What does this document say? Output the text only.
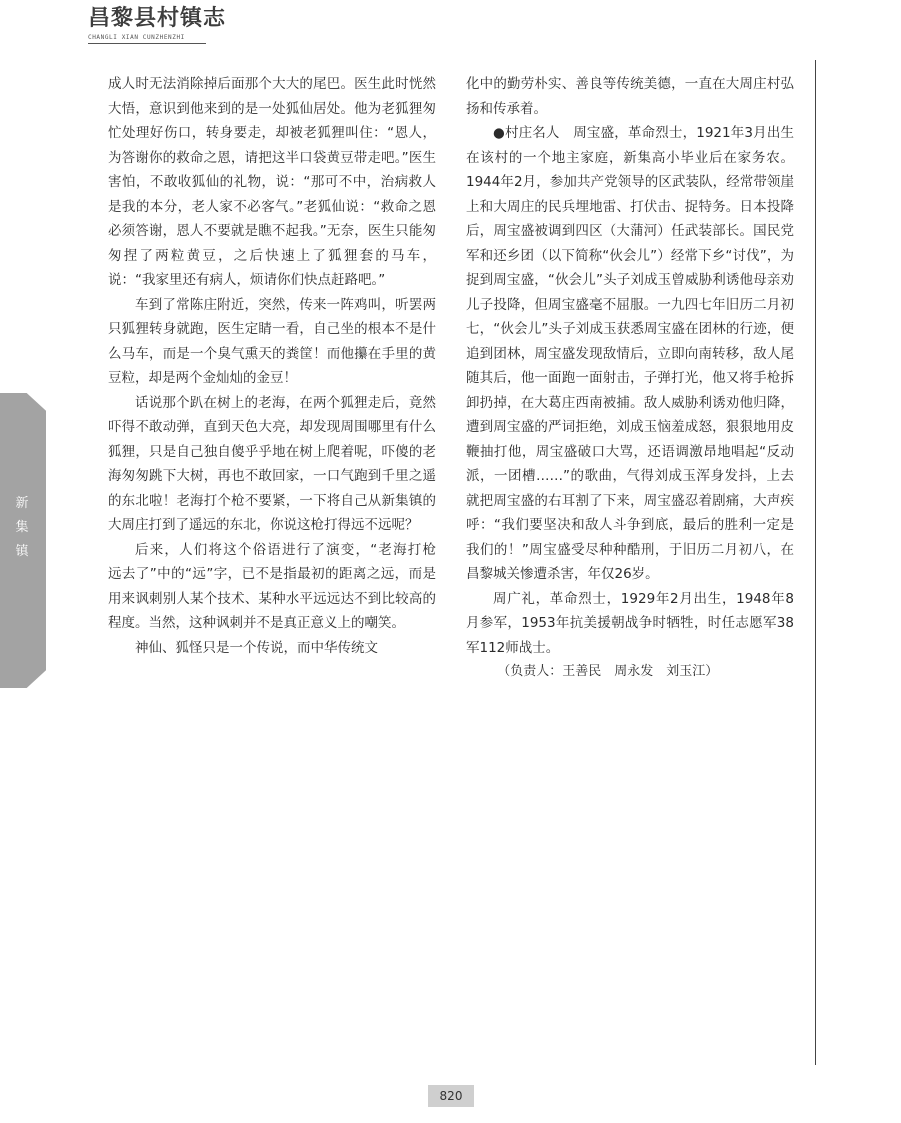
昌黎县村镇志
CHANGLI XIAN CUNZHENZHI
新
集
镇

成人时无法消除掉后面那个大大的尾巴。医生此时恍然大悟，意识到他来到的是一处狐仙居处。他为老狐狸匆忙处理好伤口，转身要走，却被老狐狸叫住：“恩人，为答谢你的救命之恩，请把这半口袋黄豆带走吧。”医生害怕，不敢收狐仙的礼物，说：“那可不中，治病救人是我的本分，老人家不必客气。”老狐仙说：“救命之恩必须答谢，恩人不要就是瞧不起我。”无奈，医生只能匆匆捏了两粒黄豆，之后快速上了狐狸套的马车，说：“我家里还有病人，烦请你们快点赶路吧。”

车到了常陈庄附近，突然，传来一阵鸡叫，听罢两只狐狸转身就跑，医生定睛一看，自己坐的根本不是什么马车，而是一个臭气熏天的粪筐！而他攥在手里的黄豆粒，却是两个金灿灿的金豆！

话说那个趴在树上的老海，在两个狐狸走后，竟然吓得不敢动弹，直到天色大亮，却发现周围哪里有什么狐狸，只是自己独自傻乎乎地在树上爬着呢，吓傻的老海匆匆跳下大树，再也不敢回家，一口气跑到千里之遥的东北啦！老海打个枪不要紧，一下将自己从新集镇的大周庄打到了遥远的东北，你说这枪打得远不远呢？

后来，人们将这个俗语进行了演变，“老海打枪　　远去了”中的“远”字，已不是指最初的距离之远，而是用来讽刺别人某个技术、某种水平远远达不到比较高的程度。当然，这种讽刺并不是真正意义上的嘲笑。

神仙、狐怪只是一个传说，而中华传统文

化中的勤劳朴实、善良等传统美德，一直在大周庄村弘扬和传承着。

●村庄名人　周宝盛，革命烈士，1921年3月出生在该村的一个地主家庭，新集高小毕业后在家务农。1944年2月，参加共产党领导的区武装队，经常带领崖上和大周庄的民兵埋地雷、打伏击、捉特务。日本投降后，周宝盛被调到四区（大蒲河）任武装部长。国民党军和还乡团（以下简称“伙会儿”）经常下乡“讨伐”，为捉到周宝盛，“伙会儿”头子刘成玉曾威胁利诱他母亲劝儿子投降，但周宝盛毫不屈服。一九四七年旧历二月初七，“伙会儿”头子刘成玉获悉周宝盛在团林的行迹，便追到团林，周宝盛发现敌情后，立即向南转移，敌人尾随其后，他一面跑一面射击，子弹打光，他又将手枪拆卸扔掉，在大葛庄西南被捕。敌人威胁利诱劝他归降，遭到周宝盛的严词拒绝，刘成玉恼羞成怒，狠狠地用皮鞭抽打他，周宝盛破口大骂，还语调激昂地唱起“反动派，一团槽……”的歌曲，气得刘成玉浑身发抖，上去就把周宝盛的右耳割了下来，周宝盛忍着剧痛，大声疾呼：“我们要坚决和敌人斗争到底，最后的胜利一定是我们的！”周宝盛受尽种种酷刑，于旧历二月初八，在昌黎城关惨遭杀害，年仅26岁。

周广礼，革命烈士，1929年2月出生，1948年8月参军，1953年抗美援朝战争时牺牲，时任志愿军38军112师战士。

（负责人：王善民　周永发　刘玉江）

820
